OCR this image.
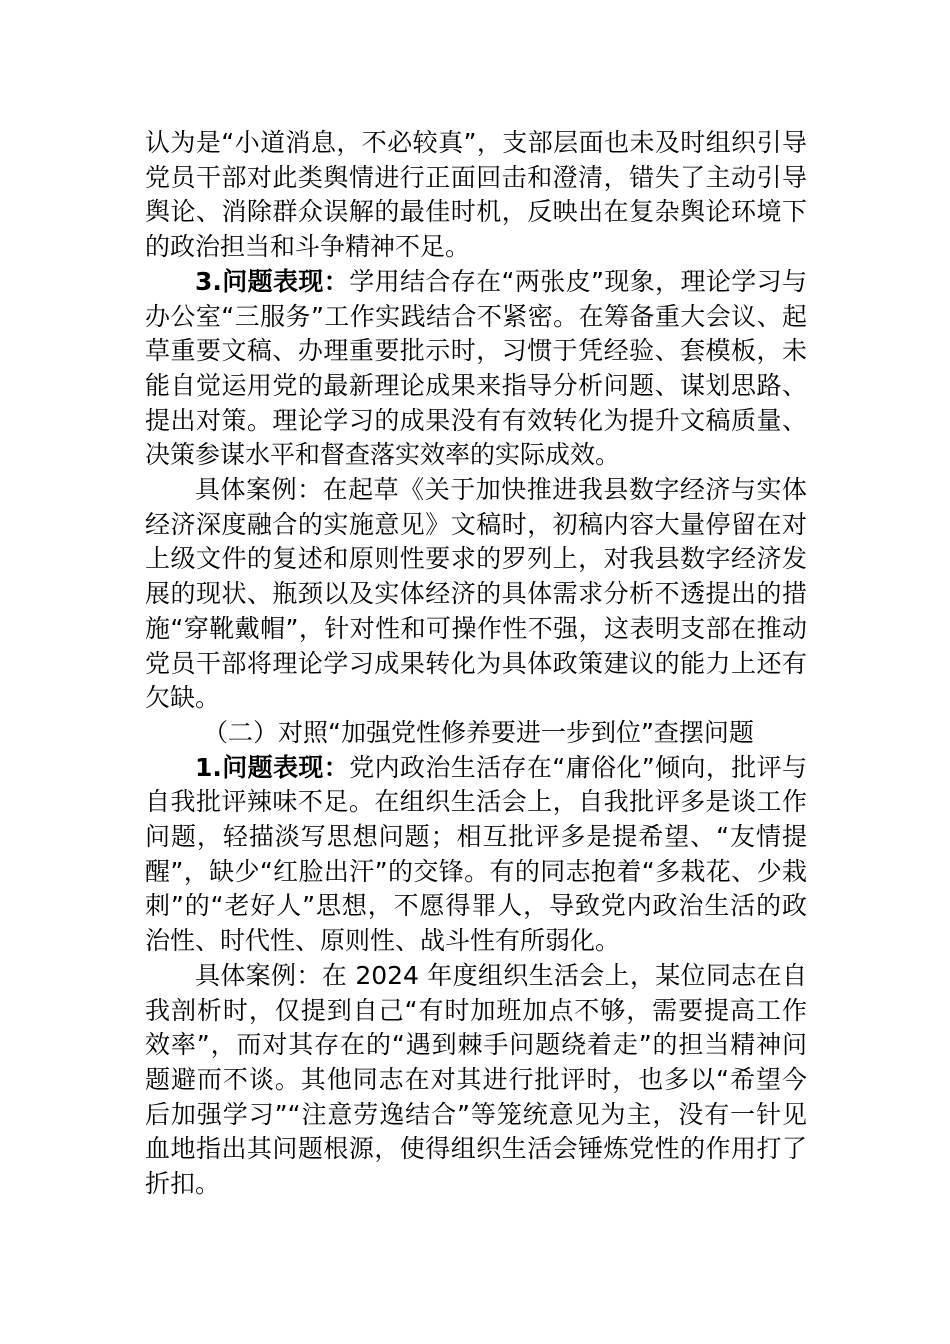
认为是“小道消息，不必较真”，支部层面也未及时组织引导党员干部对此类舆情进行正面回击和澄清，错失了主动引导舆论、消除群众误解的最佳时机，反映出在复杂舆论环境下的政治担当和斗争精神不足。

3.问题表现：学用结合存在“两张皮”现象，理论学习与办公室“三服务”工作实践结合不紧密。在筹备重大会议、起草重要文稿、办理重要批示时，习惯于凭经验、套模板，未能自觉运用党的最新理论成果来指导分析问题、谋划思路、提出对策。理论学习的成果没有有效转化为提升文稿质量、决策参谋水平和督查落实效率的实际成效。

具体案例：在起草《关于加快推进我县数字经济与实体经济深度融合的实施意见》文稿时，初稿内容大量停留在对上级文件的复述和原则性要求的罗列上，对我县数字经济发展的现状、瓶颈以及实体经济的具体需求分析不透提出的措施“穿靴戴帽”，针对性和可操作性不强，这表明支部在推动党员干部将理论学习成果转化为具体政策建议的能力上还有欠缺。

（二）对照“加强党性修养要进一步到位”查摆问题

1.问题表现：党内政治生活存在“庸俗化”倾向，批评与自我批评辣味不足。在组织生活会上，自我批评多是谈工作问题，轻描淡写思想问题；相互批评多是提希望、“友情提醒”，缺少“红脸出汗”的交锋。有的同志抱着“多栽花、少栽刺”的“老好人”思想，不愿得罪人，导致党内政治生活的政治性、时代性、原则性、战斗性有所弱化。

具体案例：在 2024 年度组织生活会上，某位同志在自我剖析时，仅提到自己“有时加班加点不够，需要提高工作效率”，而对其存在的“遇到棘手问题绕着走”的担当精神问题避而不谈。其他同志在对其进行批评时，也多以“希望今后加强学习”“注意劳逸结合”等笼统意见为主，没有一针见血地指出其问题根源，使得组织生活会锤炼党性的作用打了折扣。
